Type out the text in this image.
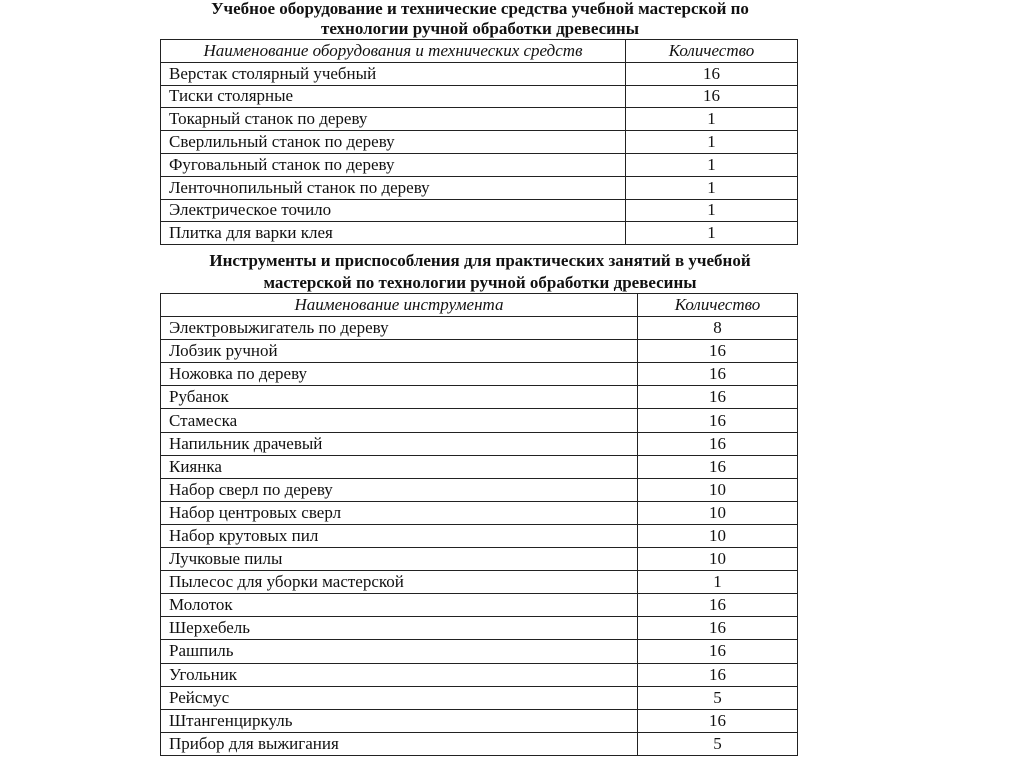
Учебное оборудование и технические средства учебной мастерской по
технологии ручной обработки древесины
Наименование оборудования и технических средств	Количество
Верстак столярный учебный	16
Тиски столярные	16
Токарный станок по дереву	1
Сверлильный станок по дереву	1
Фуговальный станок по дереву	1
Ленточнопильный станок по дереву	1
Электрическое точило	1
Плитка для варки клея	1
Инструменты и приспособления для практических занятий в учебной
мастерской по технологии ручной обработки древесины
Наименование инструмента	Количество
Электровыжигатель по дереву	8
Лобзик ручной	16
Ножовка по дереву	16
Рубанок	16
Стамеска	16
Напильник драчевый	16
Киянка	16
Набор сверл по дереву	10
Набор центровых сверл	10
Набор крутовых пил	10
Лучковые пилы	10
Пылесос для уборки мастерской	1
Молоток	16
Шерхебель	16
Рашпиль	16
Угольник	16
Рейсмус	5
Штангенциркуль	16
Прибор для выжигания	5
